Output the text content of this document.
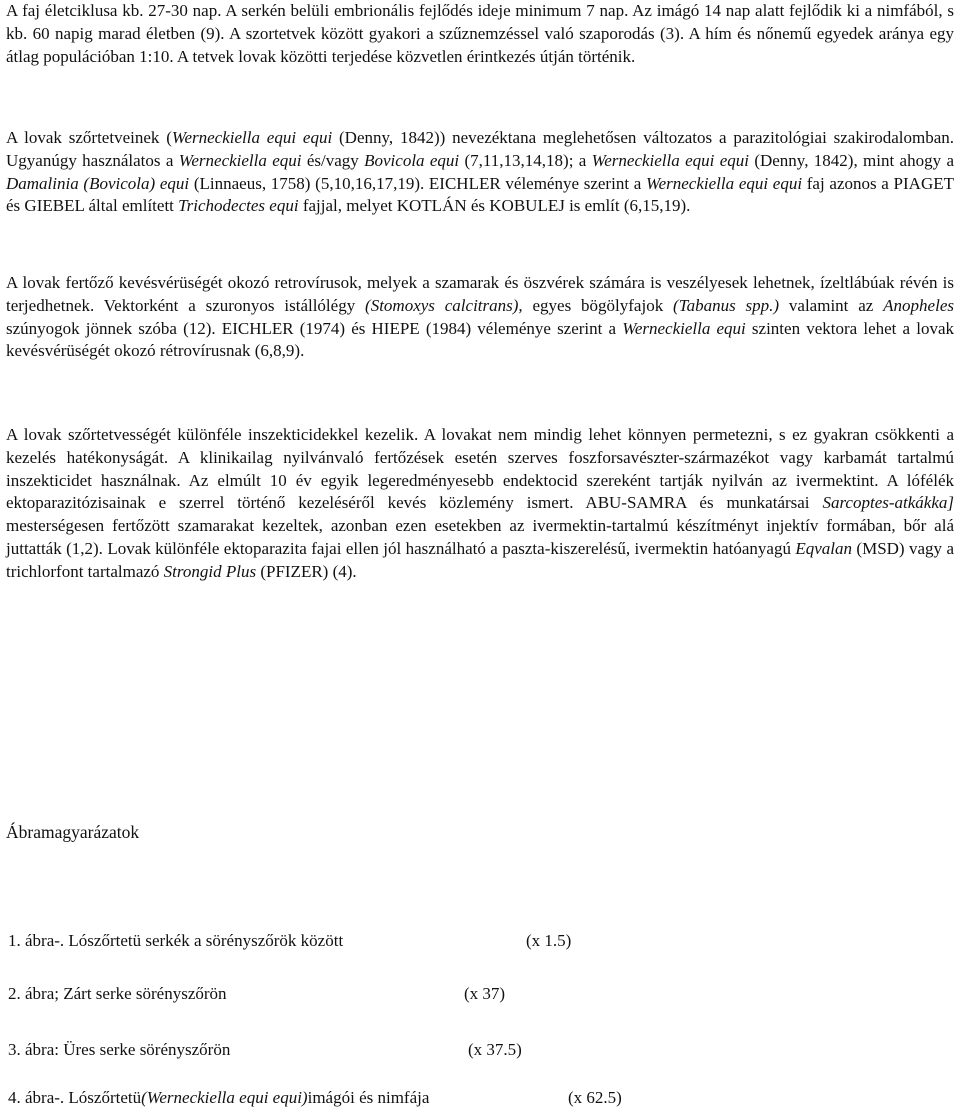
A faj életciklusa kb. 27-30 nap. A serkén belüli embrionális fejlődés ideje minimum 7 nap. Az imágó 14 nap alatt fejlődik ki a nimfából, s kb. 60 napig marad életben (9). A szortetvek között gyakori a szűznemzéssel való szaporodás (3). A hím és nőnemű egyedek aránya egy átlag populációban 1:10. A tetvek lovak közötti terjedése közvetlen érintkezés útján történik.

A lovak szőrtetveinek (Werneckiella equi equi (Denny, 1842)) nevezéktana meglehetősen változatos a parazitológiai szakirodalomban. Ugyanúgy használatos a Werneckiella equi és/vagy Bovicola equi (7,11,13,14,18); a Werneckiella equi equi (Denny, 1842), mint ahogy a Damalinia (Bovicola) equi (Linnaeus, 1758) (5,10,16,17,19). EICHLER véleménye szerint a Werneckiella equi equi faj azonos a PIAGET és GIEBEL által említett Trichodectes equi fajjal, melyet KOTLÁN és KOBULEJ is említ (6,15,19).

A lovak fertőző kevésvérüségét okozó retrovírusok, melyek a szamarak és öszvérek számára is veszélyesek lehetnek, ízeltlábúak révén is terjedhetnek. Vektorként a szuronyos istállólégy (Stomoxys calcitrans), egyes bögölyfajok (Tabanus spp.) valamint az Anopheles szúnyogok jönnek szóba (12). EICHLER (1974) és HIEPE (1984) véleménye szerint a Werneckiella equi szinten vektora lehet a lovak kevésvérüségét okozó rétrovírusnak (6,8,9).

A lovak szőrtetvességét különféle inszekticidekkel kezelik. A lovakat nem mindig lehet könnyen permetezni, s ez gyakran csökkenti a kezelés hatékonyságát. A klinikailag nyilvánvaló fertőzések esetén szerves foszforsavészter-származékot vagy karbamát tartalmú inszekticidet használnak. Az elmúlt 10 év egyik legeredményesebb endektocid szereként tartják nyilván az ivermektint. A lófélék ektoparazitózisainak e szerrel történő kezeléséről kevés közlemény ismert. ABU-SAMRA és munkatársai Sarcoptes-atkákka] mesterségesen fertőzött szamarakat kezeltek, azonban ezen esetekben az ivermektin-tartalmú készítményt injektív formában, bőr alá juttatták (1,2). Lovak különféle ektoparazita fajai ellen jól használható a paszta-kiszerelésű, ivermektin hatóanyagú Eqvalan (MSD) vagy a trichlorfont tartalmazó Strongid Plus (PFIZER) (4).

Ábramagyarázatok

1. ábra-. Lószőrtetü serkék a sörényszőrök között	(x 1.5)
2. ábra; Zárt serke sörényszőrön	(x 37)
3. ábra: Üres serke sörényszőrön	(x 37.5)
4. ábra-. Lószőrtetü(Werneckiella equi equi)imágói és nimfája	(x 62.5)
